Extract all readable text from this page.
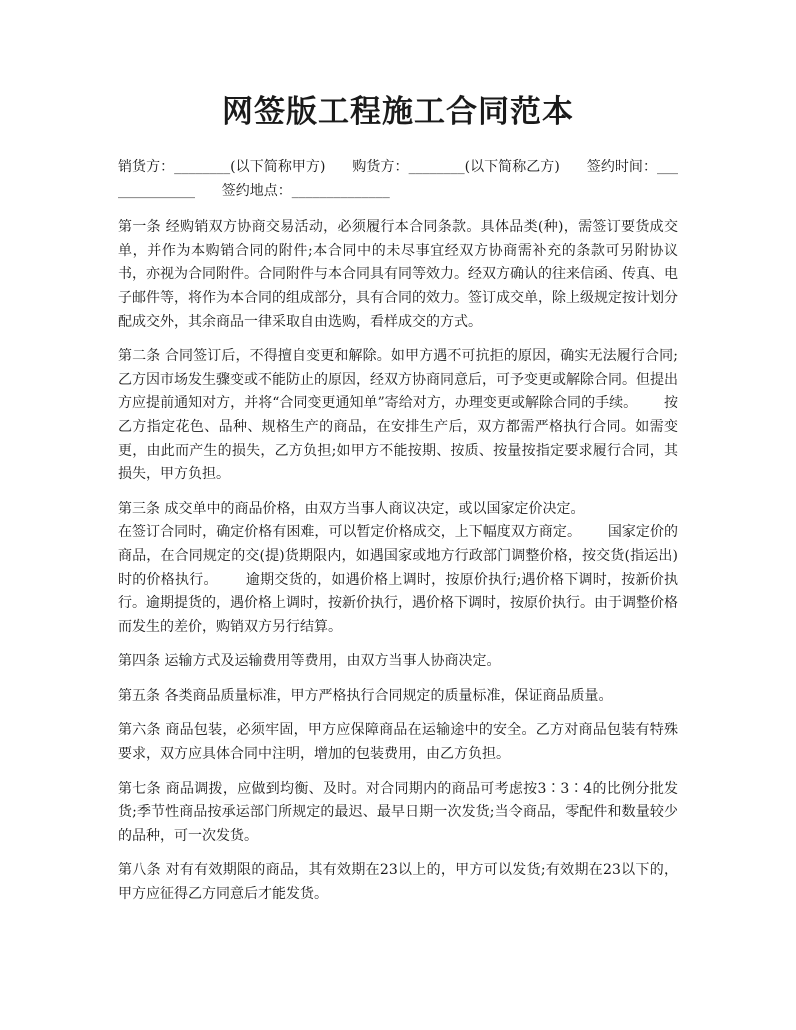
网签版工程施工合同范本

销货方：________(以下简称甲方)      购货方：________(以下简称乙方)      签约时间：______________      签约地点：______________

第一条 经购销双方协商交易活动，必须履行本合同条款。具体品类(种)，需签订要货成交单，并作为本购销合同的附件;本合同中的未尽事宜经双方协商需补充的条款可另附协议书，亦视为合同附件。合同附件与本合同具有同等效力。经双方确认的往来信函、传真、电子邮件等，将作为本合同的组成部分，具有合同的效力。签订成交单，除上级规定按计划分配成交外，其余商品一律采取自由选购，看样成交的方式。

第二条 合同签订后，不得擅自变更和解除。如甲方遇不可抗拒的原因，确实无法履行合同;乙方因市场发生骤变或不能防止的原因，经双方协商同意后，可予变更或解除合同。但提出方应提前通知对方，并将“合同变更通知单”寄给对方，办理变更或解除合同的手续。      按乙方指定花色、品种、规格生产的商品，在安排生产后，双方都需严格执行合同。如需变更，由此而产生的损失，乙方负担;如甲方不能按期、按质、按量按指定要求履行合同，其损失，甲方负担。

第三条 成交单中的商品价格，由双方当事人商议决定，或以国家定价决定。
在签订合同时，确定价格有困难，可以暂定价格成交，上下幅度双方商定。      国家定价的商品，在合同规定的交(提)货期限内，如遇国家或地方行政部门调整价格，按交货(指运出)时的价格执行。      逾期交货的，如遇价格上调时，按原价执行;遇价格下调时，按新价执行。逾期提货的，遇价格上调时，按新价执行，遇价格下调时，按原价执行。由于调整价格而发生的差价，购销双方另行结算。

第四条 运输方式及运输费用等费用，由双方当事人协商决定。

第五条 各类商品质量标准，甲方严格执行合同规定的质量标准，保证商品质量。

第六条 商品包装，必须牢固，甲方应保障商品在运输途中的安全。乙方对商品包装有特殊要求，双方应具体合同中注明，增加的包装费用，由乙方负担。

第七条 商品调拨，应做到均衡、及时。对合同期内的商品可考虑按3∶3∶4的比例分批发货;季节性商品按承运部门所规定的最迟、最早日期一次发货;当令商品，零配件和数量较少的品种，可一次发货。

第八条 对有有效期限的商品，其有效期在23以上的，甲方可以发货;有效期在23以下的，甲方应征得乙方同意后才能发货。
